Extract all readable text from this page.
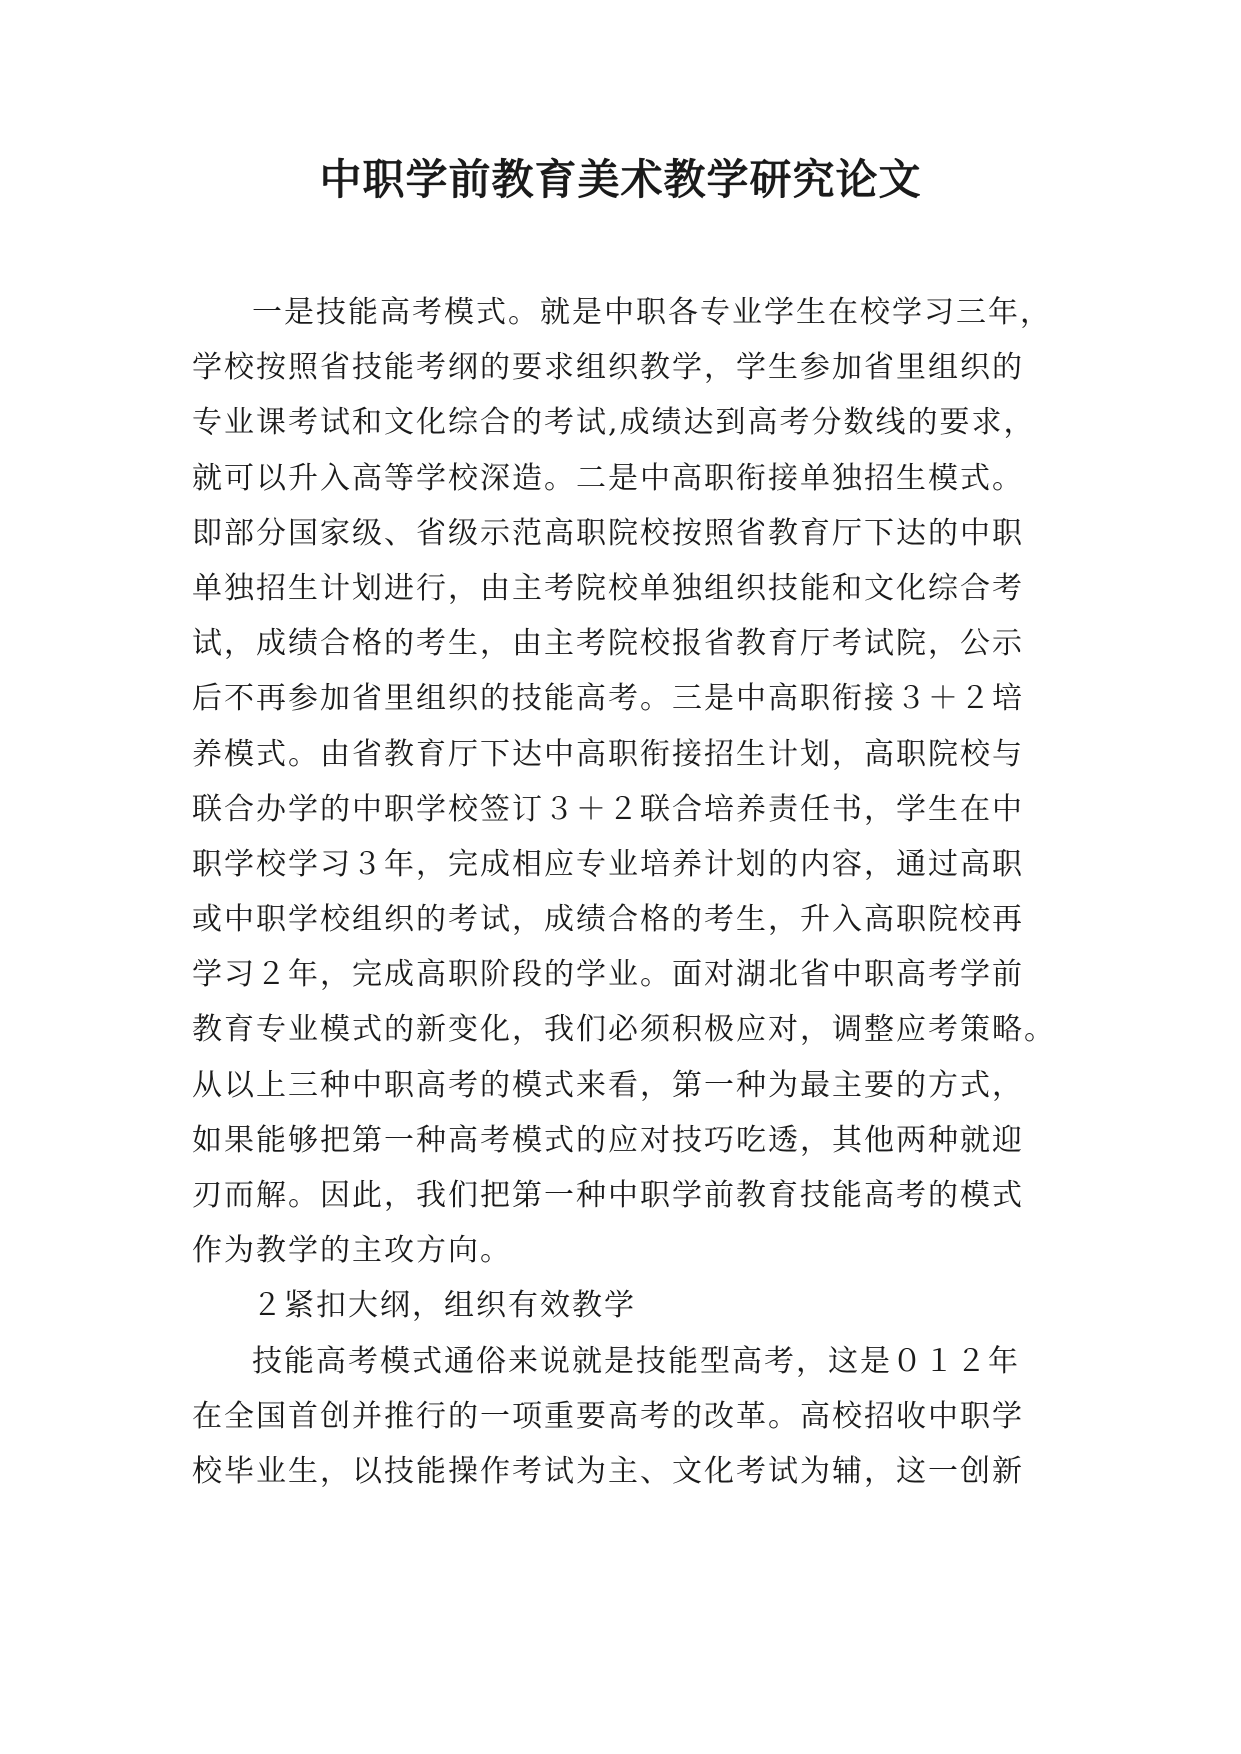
中职学前教育美术教学研究论文
一是技能高考模式。就是中职各专业学生在校学习三年，
学校按照省技能考纲的要求组织教学，学生参加省里组织的
专业课考试和文化综合的考试,成绩达到高考分数线的要求，
就可以升入高等学校深造。二是中高职衔接单独招生模式。
即部分国家级、省级示范高职院校按照省教育厅下达的中职
单独招生计划进行，由主考院校单独组织技能和文化综合考
试，成绩合格的考生，由主考院校报省教育厅考试院，公示
后不再参加省里组织的技能高考。三是中高职衔接３＋２培
养模式。由省教育厅下达中高职衔接招生计划，高职院校与
联合办学的中职学校签订３＋２联合培养责任书，学生在中
职学校学习３年，完成相应专业培养计划的内容，通过高职
或中职学校组织的考试，成绩合格的考生，升入高职院校再
学习２年，完成高职阶段的学业。面对湖北省中职高考学前
教育专业模式的新变化，我们必须积极应对，调整应考策略。
从以上三种中职高考的模式来看，第一种为最主要的方式，
如果能够把第一种高考模式的应对技巧吃透，其他两种就迎
刃而解。因此，我们把第一种中职学前教育技能高考的模式
作为教学的主攻方向。
２紧扣大纲，组织有效教学
技能高考模式通俗来说就是技能型高考，这是０１２年
在全国首创并推行的一项重要高考的改革。高校招收中职学
校毕业生，以技能操作考试为主、文化考试为辅，这一创新
